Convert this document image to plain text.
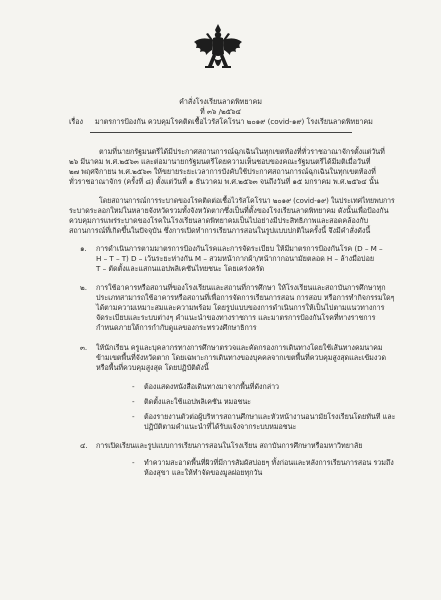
คำสั่งโรงเรียนลาดพิทยาคม
ที่ ๓๖ /๒๕๖๔
เรื่อง มาตรการป้องกัน ควบคุมโรคติดเชื้อไวรัสโคโรนา ๒๐๑๙ (covid-๑๙) โรงเรียนลาดพิทยาคม
ตามที่นายกรัฐมนตรีได้มีประกาศสถานการณ์ฉุกเฉินในทุกเขตท้องที่ทั่วราชอาณาจักรตั้งแต่วันที่
๒๖ มีนาคม พ.ศ.๒๕๖๓ และต่อมานายกรัฐมนตรีโดยความเห็นชอบของคณะรัฐมนตรีได้มีมติเมื่อวันที่
๒๗ พฤศจิกายน พ.ศ.๒๕๖๓ ให้ขยายระยะเวลาการบังคับใช้ประกาศสถานการณ์ฉุกเฉินในทุกเขตท้องที่
ทั่วราชอาณาจักร (ครั้งที่ ๘) ตั้งแต่วันที่ ๑ ธันวาคม พ.ศ.๒๕๖๓ จนถึงวันที่ ๑๕ มกราคม พ.ศ.๒๕๖๔ นั้น
โดยสถานการณ์การระบาดของโรคติดต่อเชื้อไวรัสโคโรนา ๒๐๑๙ (covid-๑๙) ในประเทศไทยพบการ
ระบาดระลอกใหม่ในหลายจังหวัดรวมทั้งจังหวัดตากซึ่งเป็นที่ตั้งของโรงเรียนลาดพิทยาคม ดังนั้นเพื่อป้องกัน
ควบคุมการแพร่ระบาดของโรคในโรงเรียนลาดพิทยาคมเป็นไปอย่างมีประสิทธิภาพและสอดคล้องกับ
สถานการณ์ที่เกิดขึ้นในปัจจุบัน ซึ่งการเปิดทำการเรียนการสอนในรูปแบบปกติในครั้งนี้ จึงมีคำสั่งดังนี้
๑. การดำเนินการตามมาตรการป้องกันโรคและการจัดระเบียบ ให้มีมาตรการป้องกันโรค (D – M –
H – T – T) D – เว้นระยะห่างกัน M – สวมหน้ากากผ้า/หน้ากากอนามัยตลอด H – ล้างมือบ่อย
T – ตัดตั้งและแสกนแอปพลิเคชันไทยชนะ โดยเคร่งครัด
๒. การใช้อาคารหรือสถานที่ของโรงเรียนและสถานที่การศึกษา ให้โรงเรียนและสถาบันการศึกษาทุก
ประเภทสามารถใช้อาคารหรือสถานที่เพื่อการจัดการเรียนการสอน การสอบ หรือการทำกิจกรรมใดๆ
ได้ตามความเหมาะสมและความพร้อม โดยรูปแบบของการดำเนินการให้เป็นไปตามแนวทางการ
จัดระเบียบและระบบต่างๆ คำแนะนำของทางราชการ และมาตรการป้องกันโรคที่ทางราชการ
กำหนดภายใต้การกำกับดูแลของกระทรวงศึกษาธิการ
๓. ให้นักเรียน ครูและบุคลากรทางการศึกษาตรวจและคัดกรองการเดินทางโดยใช้เส้นทางคมนาคม
ข้ามเขตพื้นที่จังหวัดตาก โดยเฉพาะการเดินทางของบุคคลจากเขตพื้นที่ควบคุมสูงสุดและเข้มงวด
หรือพื้นที่ควบคุมสูงสุด โดยปฏิบัติดังนี้
- ต้องแสดงหนังสือเดินทางมาจากพื้นที่ดังกล่าว
- ติดตั้งและใช้แอปพลิเคชัน หมอชนะ
- ต้องรายงานตัวต่อผู้บริหารสถานศึกษาและหัวหน้างานอนามัยโรงเรียนโดยทันที และ
ปฏิบัติตามคำแนะนำที่ได้รับแจ้งจากระบบหมอชนะ
๔. การเปิดเรียนและรูปแบบการเรียนการสอนในโรงเรียน สถาบันการศึกษาหรือมหาวิทยาลัย
- ทำความสะอาดพื้นที่ผิวที่มีการสัมผัสบ่อยๆ ทั้งก่อนและหลังการเรียนการสอน รวมถึง
ห้องสุขา และให้ทำจัดของมูลฝอยทุกวัน
